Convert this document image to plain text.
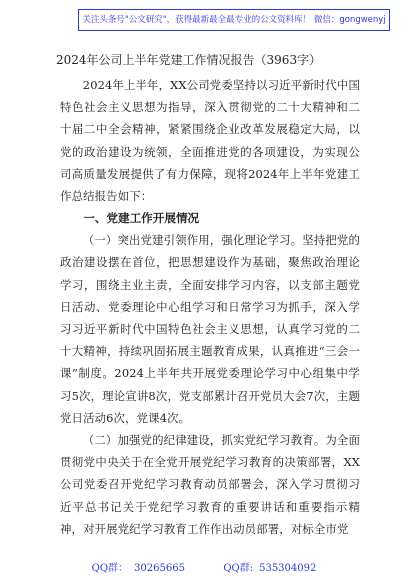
关注头条号"公文研究"，获得最新最全最专业的公文资料库！ 微信：gongwenyj
2024年公司上半年党建工作情况报告（3963字）

2024年上半年，XX公司党委坚持以习近平新时代中国特色社会主义思想为指导，深入贯彻党的二十大精神和二十届二中全会精神，紧紧围绕企业改革发展稳定大局，以党的政治建设为统领，全面推进党的各项建设，为实现公司高质量发展提供了有力保障，现将2024年上半年党建工作总结报告如下：

一、党建工作开展情况

（一）突出党建引领作用，强化理论学习。坚持把党的政治建设摆在首位，把思想建设作为基础，聚焦政治理论学习，围绕主业主责，全面安排学习内容，以支部主题党日活动、党委理论中心组学习和日常学习为抓手，深入学习习近平新时代中国特色社会主义思想，认真学习党的二十大精神，持续巩固拓展主题教育成果，认真推进“三会一课”制度。2024上半年共开展党委理论学习中心组集中学习5次，理论宣讲8次，党支部累计召开党员大会7次，主题党日活动6次，党课4次。

（二）加强党的纪律建设，抓实党纪学习教育。为全面贯彻党中央关于在全党开展党纪学习教育的决策部署，XX公司党委召开党纪学习教育动员部署会，深入学习贯彻习近平总书记关于党纪学习教育的重要讲话和重要指示精神，对开展党纪学习教育工作作出动员部署，对标全市党

QQ群： 30265665	QQ群: 535304092
